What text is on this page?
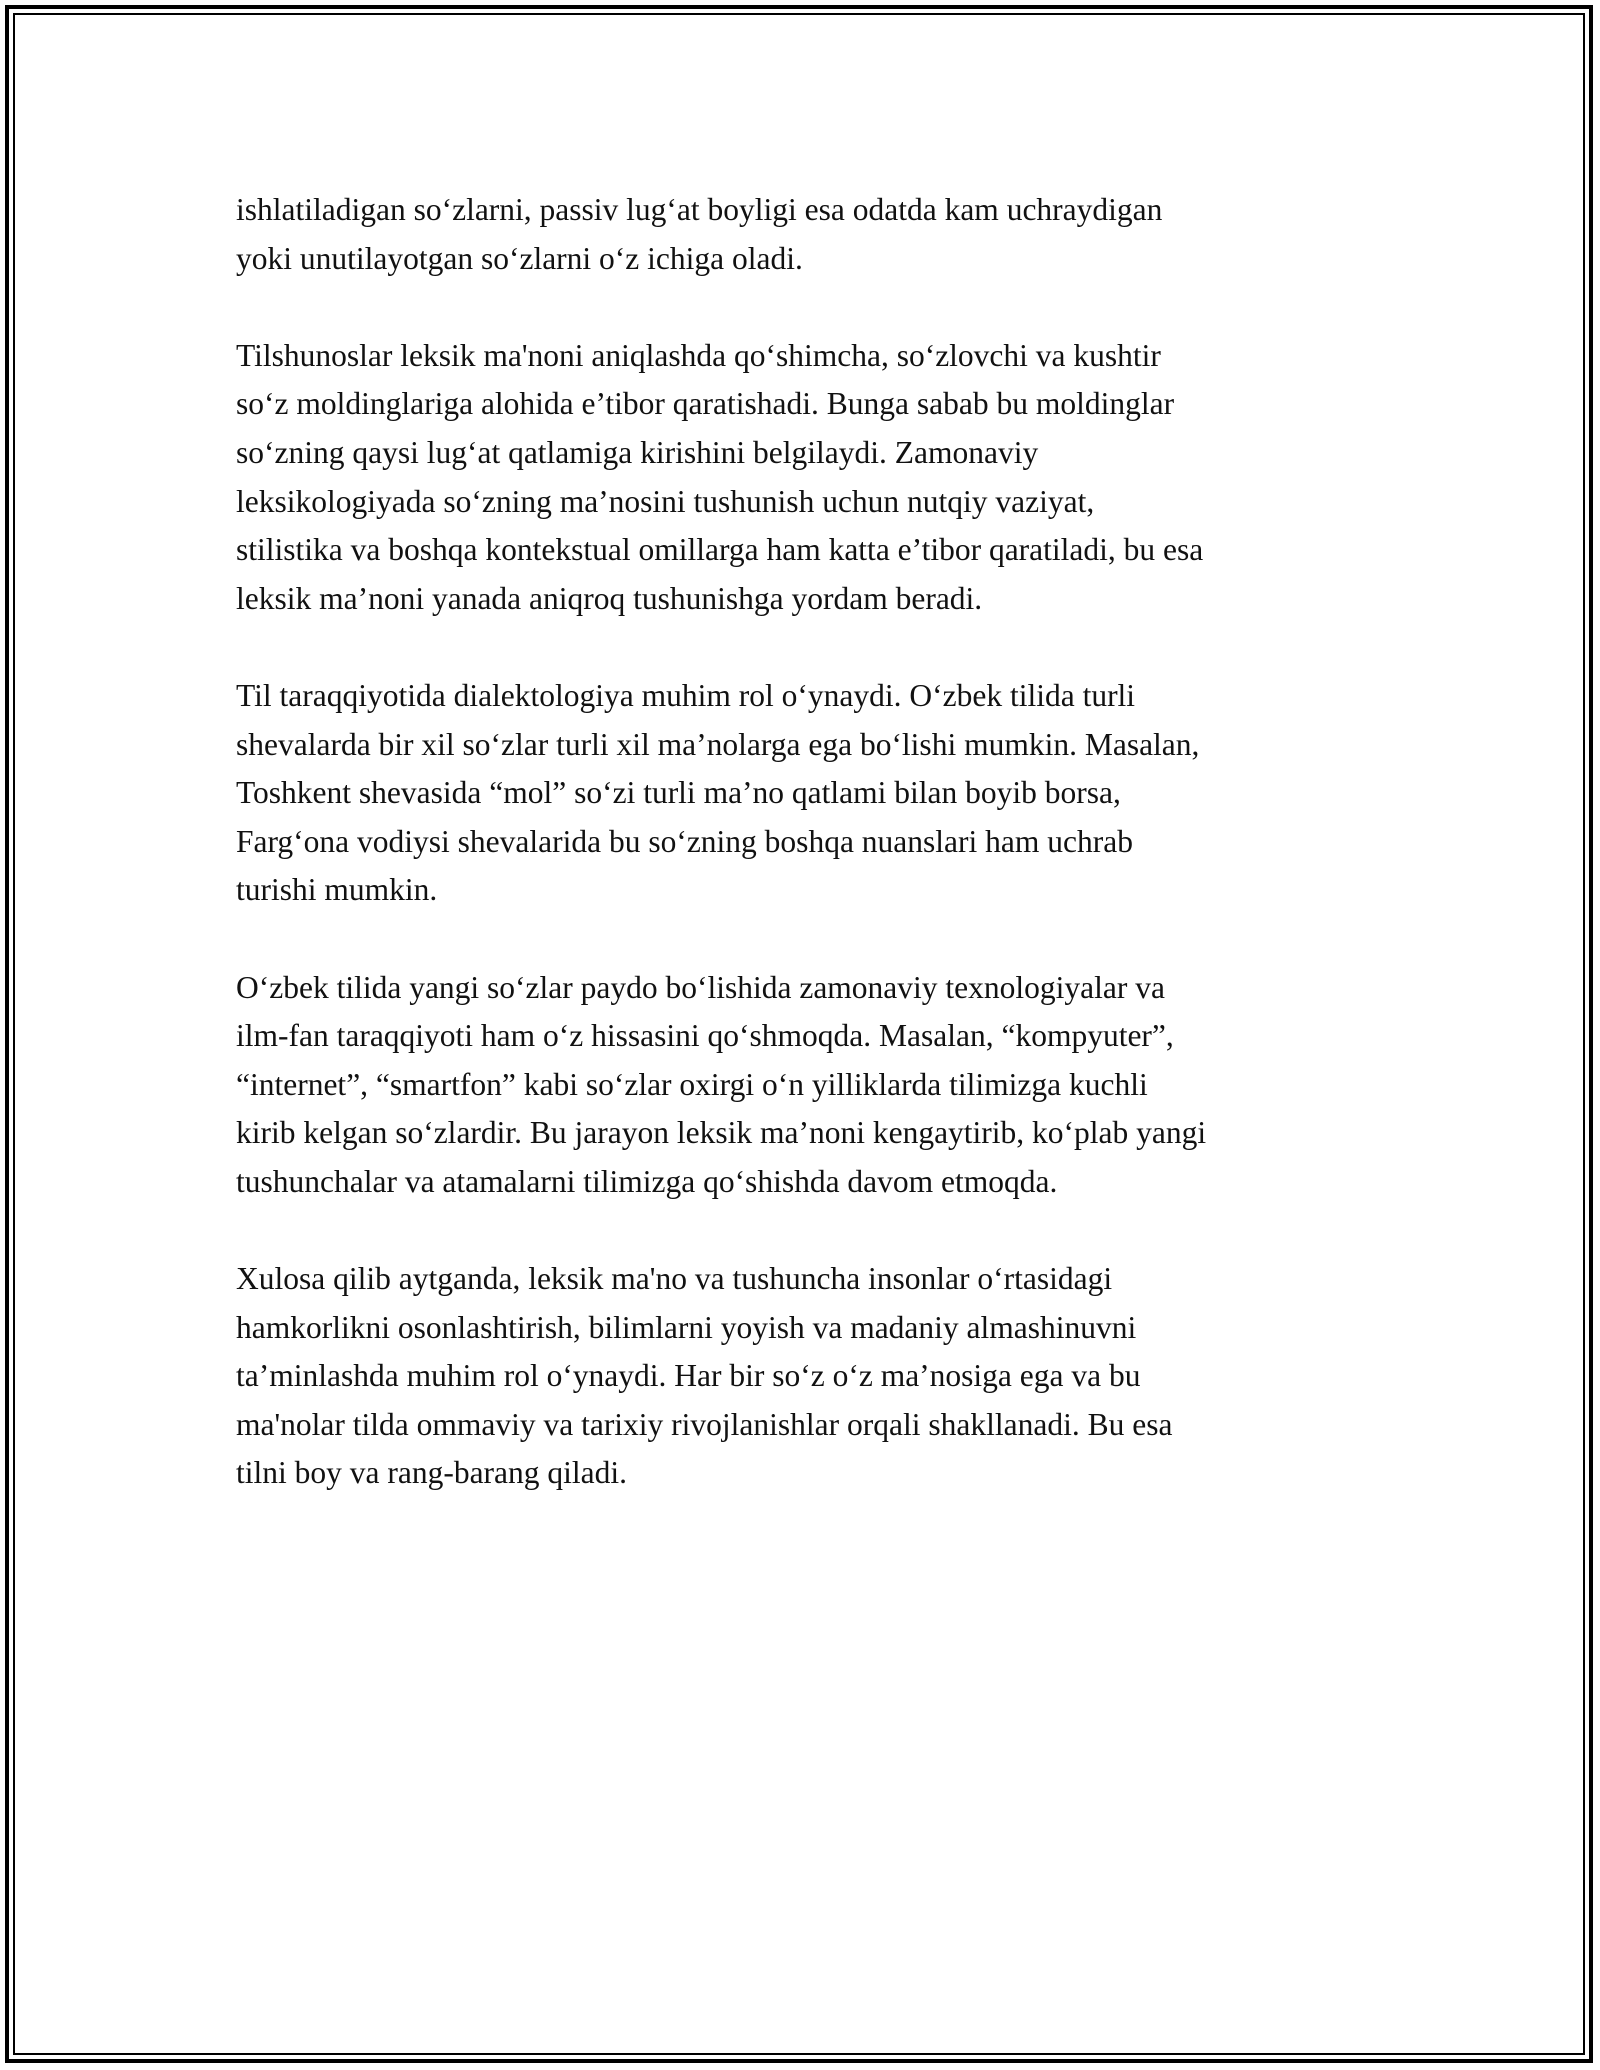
ishlatiladigan so‘zlarni, passiv lug‘at boyligi esa odatda kam uchraydigan
yoki unutilayotgan so‘zlarni o‘z ichiga oladi.

Tilshunoslar leksik ma'noni aniqlashda qo‘shimcha, so‘zlovchi va kushtir
so‘z moldinglariga alohida e’tibor qaratishadi. Bunga sabab bu moldinglar
so‘zning qaysi lug‘at qatlamiga kirishini belgilaydi. Zamonaviy
leksikologiyada so‘zning ma’nosini tushunish uchun nutqiy vaziyat,
stilistika va boshqa kontekstual omillarga ham katta e’tibor qaratiladi, bu esa
leksik ma’noni yanada aniqroq tushunishga yordam beradi.

Til taraqqiyotida dialektologiya muhim rol o‘ynaydi. O‘zbek tilida turli
shevalarda bir xil so‘zlar turli xil ma’nolarga ega bo‘lishi mumkin. Masalan,
Toshkent shevasida “mol” so‘zi turli ma’no qatlami bilan boyib borsa,
Farg‘ona vodiysi shevalarida bu so‘zning boshqa nuanslari ham uchrab
turishi mumkin.

O‘zbek tilida yangi so‘zlar paydo bo‘lishida zamonaviy texnologiyalar va
ilm-fan taraqqiyoti ham o‘z hissasini qo‘shmoqda. Masalan, “kompyuter”,
“internet”, “smartfon” kabi so‘zlar oxirgi o‘n yilliklarda tilimizga kuchli
kirib kelgan so‘zlardir. Bu jarayon leksik ma’noni kengaytirib, ko‘plab yangi
tushunchalar va atamalarni tilimizga qo‘shishda davom etmoqda.

Xulosa qilib aytganda, leksik ma'no va tushuncha insonlar o‘rtasidagi
hamkorlikni osonlashtirish, bilimlarni yoyish va madaniy almashinuvni
ta’minlashda muhim rol o‘ynaydi. Har bir so‘z o‘z ma’nosiga ega va bu
ma'nolar tilda ommaviy va tarixiy rivojlanishlar orqali shakllanadi. Bu esa
tilni boy va rang-barang qiladi.
